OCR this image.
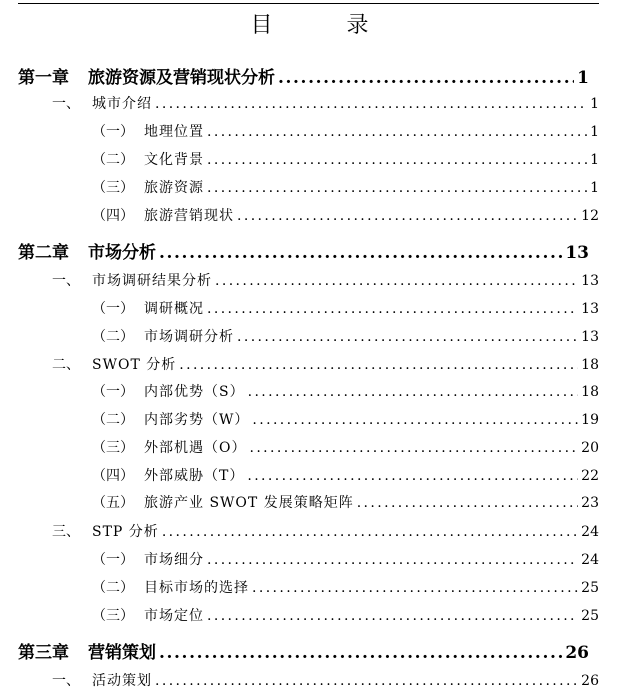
目　录
第一章	旅游资源及营销现状分析 .....	1
一、 城市介绍 .....	1
（一） 地理位置 .....	1
（二） 文化背景 .....	1
（三） 旅游资源 .....	1
（四） 旅游营销现状 .....	12
第二章	市场分析 .....	13
一、 市场调研结果分析 .....	13
（一） 调研概况 .....	13
（二） 市场调研分析 .....	13
二、 SWOT 分析 .....	18
（一） 内部优势（S） .....	18
（二） 内部劣势（W） .....	19
（三） 外部机遇（O） .....	20
（四） 外部威胁（T） .....	22
（五） 旅游产业 SWOT 发展策略矩阵 .....	23
三、 STP 分析 .....	24
（一） 市场细分 .....	24
（二） 目标市场的选择 .....	25
（三） 市场定位 .....	25
第三章	营销策划 .....	26
一、 活动策划 .....	26
